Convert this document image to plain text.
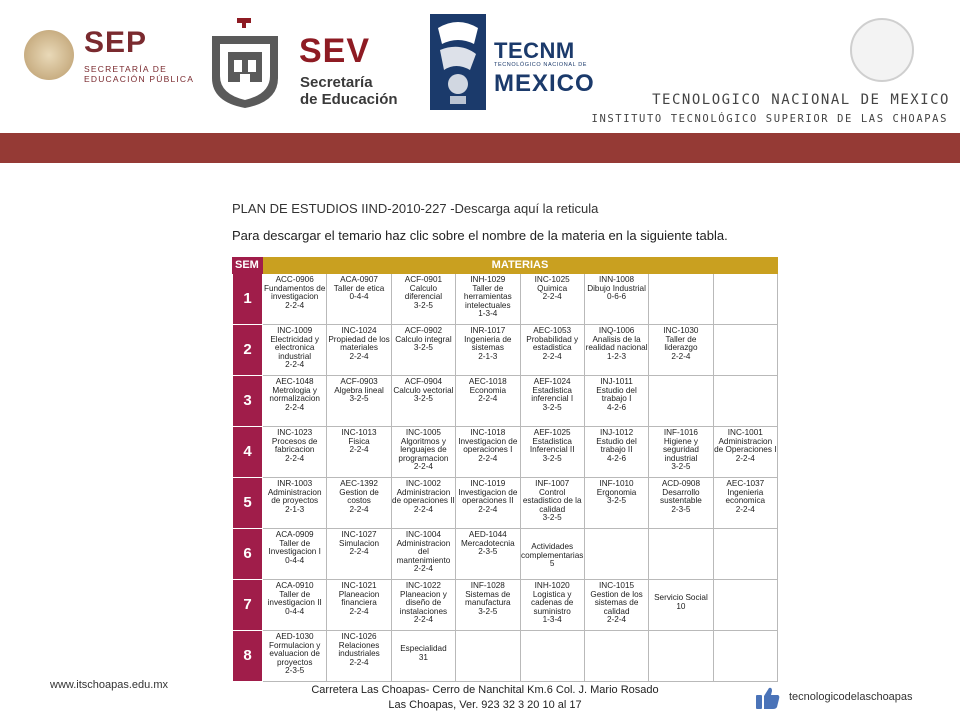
SEP
SECRETARÍA DE
EDUCACIÓN PÚBLICA
SEV
Secretaría
de Educación
TECNM
TECNOLÓGICO NACIONAL DE
MEXICO
TECNOLOGICO NACIONAL DE MEXICO
INSTITUTO TECNOLÓGICO SUPERIOR DE LAS CHOAPAS
PLAN DE ESTUDIOS IIND-2010-227 -Descarga aquí la reticula
Para descargar el temario haz clic sobre el nombre de la materia en la siguiente tabla.
SEM	MATERIAS							
1	ACC-0906
Fundamentos de investigacion
2-2-4	ACA-0907
Taller de etica
0-4-4	ACF-0901
Calculo diferencial
3-2-5	INH-1029
Taller de herramientas intelectuales
1-3-4	INC-1025
Quimica
2-2-4	INN-1008
Dibujo Industrial
0-6-6		

2	INC-1009
Electricidad y electronica industrial
2-2-4	INC-1024
Propiedad de los materiales
2-2-4	ACF-0902
Calculo integral
3-2-5	INR-1017
Ingenieria de sistemas
2-1-3	AEC-1053
Probabilidad y estadistica
2-2-4	INQ-1006
Analisis de la realidad nacional
1-2-3	INC-1030
Taller de liderazgo
2-2-4	

3	AEC-1048
Metrologia y normalizacion
2-2-4	ACF-0903
Algebra lineal
3-2-5	ACF-0904
Calculo vectorial
3-2-5	AEC-1018
Economia
2-2-4	AEF-1024
Estadistica inferencial I
3-2-5	INJ-1011
Estudio del trabajo I
4-2-6		

4	INC-1023
Procesos de fabricacion
2-2-4	INC-1013
Fisica
2-2-4	INC-1005
Algoritmos y lenguajes de programacion
2-2-4	INC-1018
Investigacion de operaciones I
2-2-4	AEF-1025
Estadistica Inferencial II
3-2-5	INJ-1012
Estudio del trabajo II
4-2-6	INF-1016
Higiene y seguridad industrial
3-2-5	INC-1001
Administracion de Operaciones I
2-2-4

5	INR-1003
Administracion de proyectos
2-1-3	AEC-1392
Gestion de costos
2-2-4	INC-1002
Administracion de operaciones II
2-2-4	INC-1019
Investigacion de operaciones II
2-2-4	INF-1007
Control estadistico de la calidad
3-2-5	INF-1010
Ergonomia
3-2-5	ACD-0908
Desarrollo sustentable
2-3-5	AEC-1037
Ingenieria economica
2-2-4

6	ACA-0909
Taller de Investigacion I
0-4-4	INC-1027
Simulacion
2-2-4	INC-1004
Administracion del mantenimiento
2-2-4	AED-1044
Mercadotecnia
2-3-5	Actividades complementarias
5			

7	ACA-0910
Taller de investigacion II
0-4-4	INC-1021
Planeacion financiera
2-2-4	INC-1022
Planeacion y diseño de instalaciones
2-2-4	INF-1028
Sistemas de manufactura
3-2-5	INH-1020
Logistica y cadenas de suministro
1-3-4	INC-1015
Gestion de los sistemas de calidad
2-2-4	Servicio Social
10	

8	AED-1030
Formulacion y evaluacion de proyectos
2-3-5	INC-1026
Relaciones industriales
2-2-4	Especialidad
31					

www.itschoapas.edu.mx	Carretera Las Choapas- Cerro de Nanchital Km.6 Col. J. Mario Rosado
Las Choapas, Ver. 923 32 3 20 10 al 17
tecnologicodelaschoapas
